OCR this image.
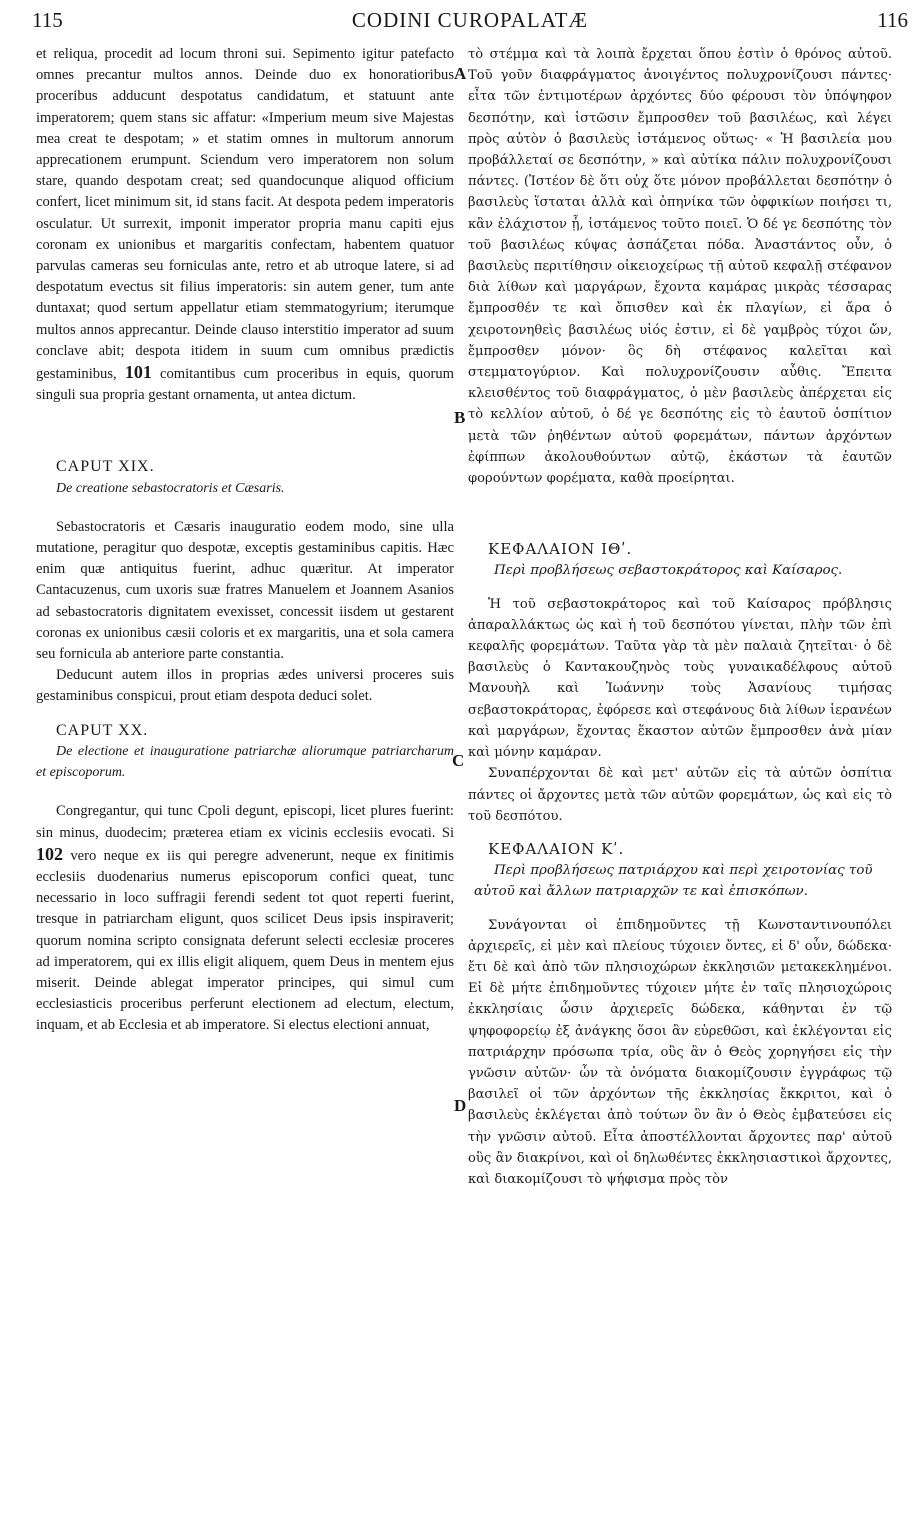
115	CODINI CUROPALATÆ	116
A
B
C
D

et reliqua, procedit ad locum throni sui. Sepimento igitur patefacto omnes precantur multos annos. Deinde duo ex honoratioribus proceribus adducunt despotatus candidatum, et statuunt ante imperatorem; quem stans sic affatur: «Imperium meum sive Majestas mea creat te despotam; » et statim omnes in multorum annorum apprecationem erumpunt. Sciendum vero imperatorem non solum stare, quando despotam creat; sed quandocunque aliquod officium confert, licet minimum sit, id stans facit. At despota pedem imperatoris osculatur. Ut surrexit, imponit imperator propria manu capiti ejus coronam ex unionibus et margaritis confectam, habentem quatuor parvulas cameras seu forniculas ante, retro et ab utroque latere, si ad despotatum evectus sit filius imperatoris: sin autem gener, tum ante duntaxat; quod sertum appellatur etiam stemmatogyrium; iterumque multos annos apprecantur. Deinde clauso interstitio imperator ad suum conclave abit; despota itidem in suum cum omnibus prædictis gestaminibus, 101 comitantibus cum proceribus in equis, quorum singuli sua propria gestant ornamenta, ut antea dictum.

CAPUT XIX.

De creatione sebastocratoris et Cæsaris.

Sebastocratoris et Cæsaris inauguratio eodem modo, sine ulla mutatione, peragitur quo despotæ, exceptis gestaminibus capitis. Hæc enim quæ antiquitus fuerint, adhuc quæritur. At imperator Cantacuzenus, cum uxoris suæ fratres Manuelem et Joannem Asanios ad sebastocratoris dignitatem evexisset, concessit iisdem ut gestarent coronas ex unionibus cæsii coloris et ex margaritis, una et sola camera seu fornicula ab anteriore parte constantia.

Deducunt autem illos in proprias ædes universi proceres suis gestaminibus conspicui, prout etiam despota deduci solet.

CAPUT XX.

De electione et inauguratione patriarchæ aliorumque patriarcharum et episcoporum.

Congregantur, qui tunc Cpoli degunt, episcopi, licet plures fuerint: sin minus, duodecim; præterea etiam ex vicinis ecclesiis evocati. Si 102 vero neque ex iis qui peregre advenerunt, neque ex finitimis ecclesiis duodenarius numerus episcoporum confici queat, tunc necessario in loco suffragii ferendi sedent tot quot reperti fuerint, tresque in patriarcham eligunt, quos scilicet Deus ipsis inspiraverit; quorum nomina scripto consignata deferunt selecti ecclesiæ proceres ad imperatorem, qui ex illis eligit aliquem, quem Deus in mentem ejus miserit. Deinde ablegat imperator principes, qui simul cum ecclesiasticis proceribus perferunt electionem ad electum, electum, inquam, et ab Ecclesia et ab imperatore. Si electus electioni annuat,

τὸ στέμμα καὶ τὰ λοιπὰ ἔρχεται ὅπου ἐστὶν ὁ θρόνος αὐτοῦ. Τοῦ γοῦν διαφράγματος ἀνοιγέντος πολυχρονίζουσι πάντες· εἶτα τῶν ἐντιμοτέρων ἀρχόντες δύο φέρουσι τὸν ὑπόψηφον δεσπότην, καὶ ἱστῶσιν ἔμπροσθεν τοῦ βασιλέως, καὶ λέγει πρὸς αὐτὸν ὁ βασιλεὺς ἱστάμενος οὕτως· « Ἡ βασιλεία μου προβάλλεταί σε δεσπότην, » καὶ αὐτίκα πάλιν πολυχρονίζουσι πάντες. (Ἰστέον δὲ ὅτι οὐχ ὅτε μόνον προβάλλεται δεσπότην ὁ βασιλεὺς ἵσταται ἀλλὰ καὶ ὁπηνίκα τῶν ὀφφικίων ποιήσει τι, κἂν ἐλάχιστον ᾖ, ἱστάμενος τοῦτο ποιεῖ. Ὁ δέ γε δεσπότης τὸν τοῦ βασιλέως κύψας ἀσπάζεται πόδα. Ἀναστάντος οὖν, ὁ βασιλεὺς περιτίθησιν οἰκειοχείρως τῇ αὐτοῦ κεφαλῇ στέφανον διὰ λίθων καὶ μαργάρων, ἔχοντα καμάρας μικρὰς τέσσαρας ἔμπροσθέν τε καὶ ὄπισθεν καὶ ἐκ πλαγίων, εἰ ἄρα ὁ χειροτονηθεὶς βασιλέως υἱός ἐστιν, εἰ δὲ γαμβρὸς τύχοι ὤν, ἔμπροσθεν μόνον· ὃς δὴ στέφανος καλεῖται καὶ στεμματογύριον. Καὶ πολυχρονίζουσιν αὖθις. Ἔπειτα κλεισθέντος τοῦ διαφράγματος, ὁ μὲν βασιλεὺς ἀπέρχεται εἰς τὸ κελλίον αὐτοῦ, ὁ δέ γε δεσπότης εἰς τὸ ἑαυτοῦ ὁσπίτιον μετὰ τῶν ῥηθέντων αὐτοῦ φορεμάτων, πάντων ἀρχόντων ἐφίππων ἀκολουθούντων αὐτῷ, ἑκάστων τὰ ἑαυτῶν φορούντων φορέματα, καθὰ προείρηται.

ΚΕΦΑΛΑΙΟΝ ΙΘʹ.

Περὶ προβλήσεως σεβαστοκράτορος καὶ Καίσαρος.

Ἡ τοῦ σεβαστοκράτορος καὶ τοῦ Καίσαρος πρόβλησις ἀπαραλλάκτως ὡς καὶ ἡ τοῦ δεσπότου γίνεται, πλὴν τῶν ἐπὶ κεφαλῆς φορεμάτων. Ταῦτα γὰρ τὰ μὲν παλαιὰ ζητεῖται· ὁ δὲ βασιλεὺς ὁ Καντακουζηνὸς τοὺς γυναικαδέλφους αὐτοῦ Μανουὴλ καὶ Ἰωάννην τοὺς Ἀσανίους τιμήσας σεβαστοκράτορας, ἐφόρεσε καὶ στεφάνους διὰ λίθων ἱερανέων καὶ μαργάρων, ἔχοντας ἕκαστον αὐτῶν ἔμπροσθεν ἀνὰ μίαν καὶ μόνην καμάραν.

Συναπέρχονται δὲ καὶ μετ' αὐτῶν εἰς τὰ αὐτῶν ὁσπίτια πάντες οἱ ἄρχοντες μετὰ τῶν αὐτῶν φορεμάτων, ὡς καὶ εἰς τὸ τοῦ δεσπότου.

ΚΕΦΑΛΑΙΟΝ Κʹ.

Περὶ προβλήσεως πατριάρχου καὶ περὶ χειροτονίας τοῦ αὐτοῦ καὶ ἄλλων πατριαρχῶν τε καὶ ἐπισκόπων.

Συνάγονται οἱ ἐπιδημοῦντες τῇ Κωνσταντινουπόλει ἀρχιερεῖς, εἰ μὲν καὶ πλείους τύχοιεν ὄντες, εἰ δ' οὖν, δώδεκα· ἔτι δὲ καὶ ἀπὸ τῶν πλησιοχώρων ἐκκλησιῶν μετακεκλημένοι. Εἰ δὲ μήτε ἐπιδημοῦντες τύχοιεν μήτε ἐν ταῖς πλησιοχώροις ἐκκλησίαις ὦσιν ἀρχιερεῖς δώδεκα, κάθηνται ἐν τῷ ψηφοφορείῳ ἐξ ἀνάγκης ὅσοι ἂν εὑρεθῶσι, καὶ ἐκλέγονται εἰς πατριάρχην πρόσωπα τρία, οὓς ἂν ὁ Θεὸς χορηγήσει εἰς τὴν γνῶσιν αὐτῶν· ὧν τὰ ὀνόματα διακομίζουσιν ἐγγράφως τῷ βασιλεῖ οἱ τῶν ἀρχόντων τῆς ἐκκλησίας ἔκκριτοι, καὶ ὁ βασιλεὺς ἐκλέγεται ἀπὸ τούτων ὃν ἂν ὁ Θεὸς ἐμβατεύσει εἰς τὴν γνῶσιν αὐτοῦ. Εἶτα ἀποστέλλονται ἄρχοντες παρ' αὐτοῦ οὓς ἂν διακρίνοι, καὶ οἱ δηλωθέντες ἐκκλησιαστικοὶ ἄρχοντες, καὶ διακομίζουσι τὸ ψήφισμα πρὸς τὸν
